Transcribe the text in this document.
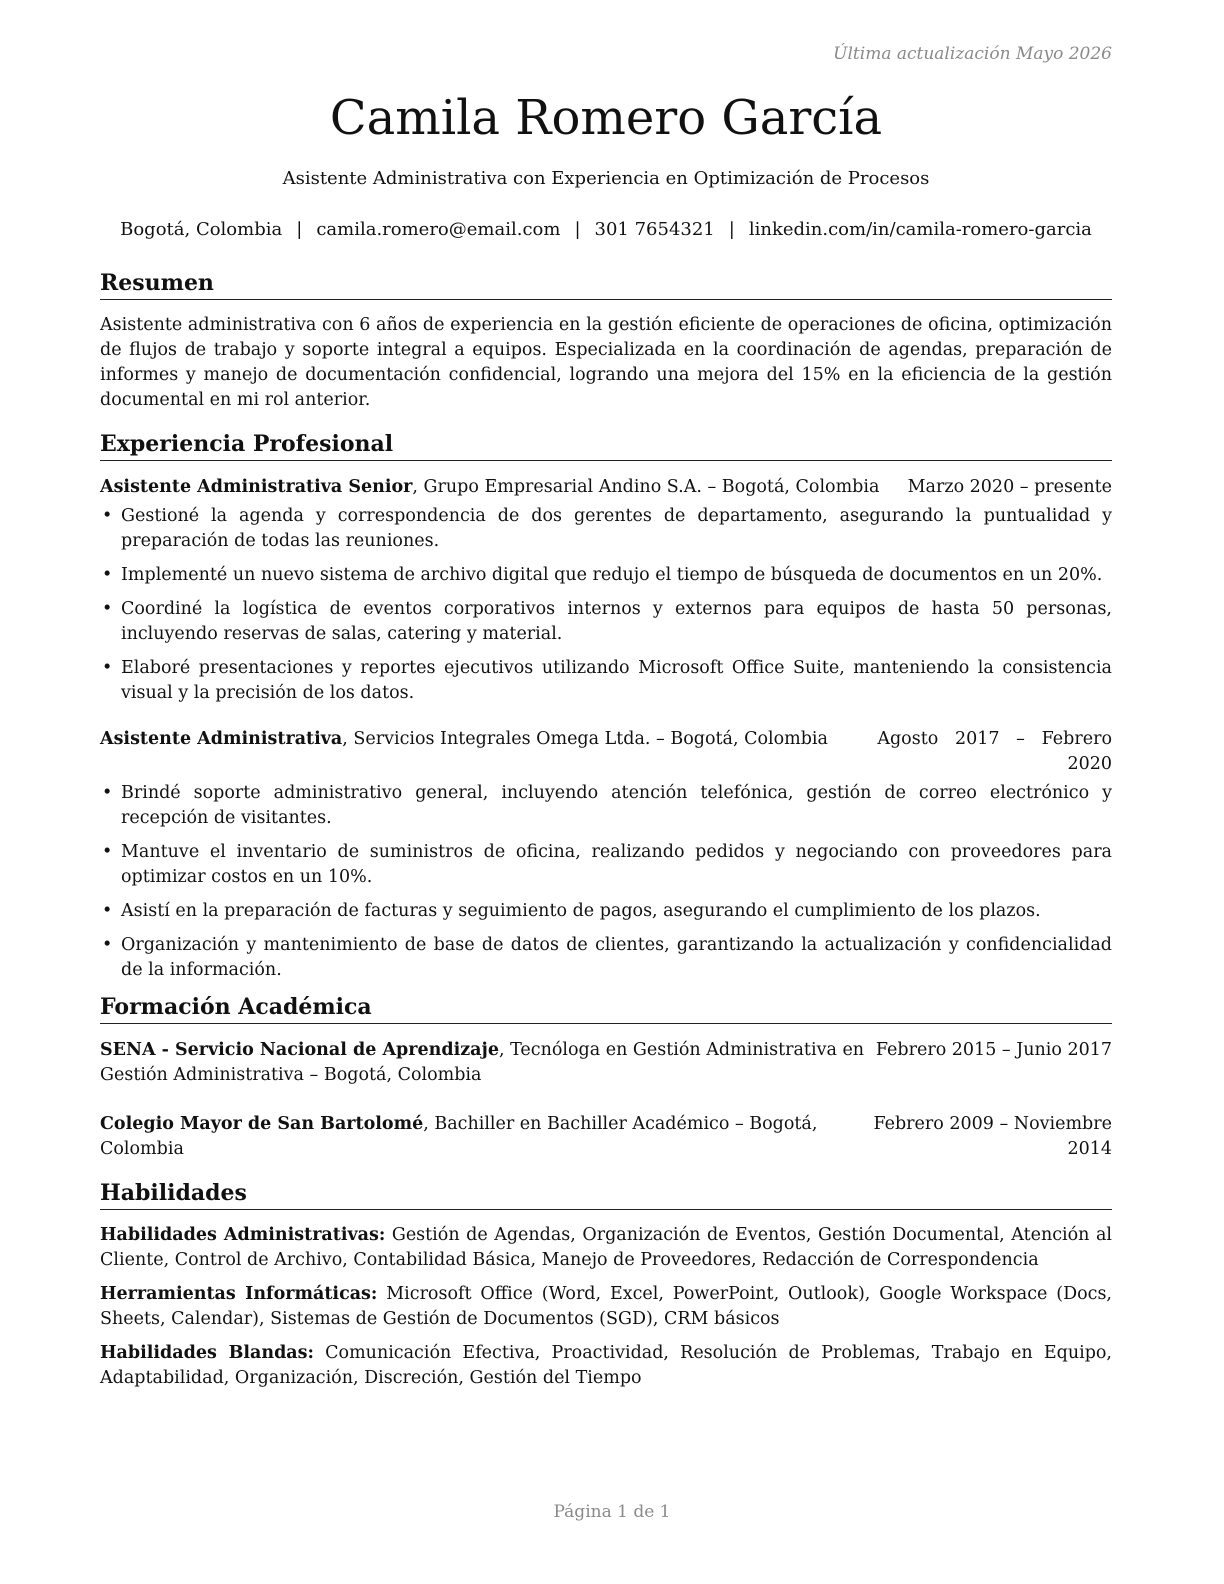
Última actualización Mayo 2026
Camila Romero García
Asistente Administrativa con Experiencia en Optimización de Procesos
Bogotá, Colombia | camila.romero@email.com | 301 7654321 | linkedin.com/in/camila-romero-garcia
Resumen
Asistente administrativa con 6 años de experiencia en la gestión eficiente de operaciones de oficina, optimización de flujos de trabajo y soporte integral a equipos. Especializada en la coordinación de agendas, preparación de informes y manejo de documentación confidencial, logrando una mejora del 15% en la eficiencia de la gestión documental en mi rol anterior.
Experiencia Profesional
Asistente Administrativa Senior, Grupo Empresarial Andino S.A. – Bogotá, Colombia Marzo 2020 – presente
• Gestioné la agenda y correspondencia de dos gerentes de departamento, asegurando la puntualidad y preparación de todas las reuniones.
• Implementé un nuevo sistema de archivo digital que redujo el tiempo de búsqueda de documentos en un 20%.
• Coordiné la logística de eventos corporativos internos y externos para equipos de hasta 50 personas, incluyendo reservas de salas, catering y material.
• Elaboré presentaciones y reportes ejecutivos utilizando Microsoft Office Suite, manteniendo la consistencia visual y la precisión de los datos.
Asistente Administrativa, Servicios Integrales Omega Ltda. – Bogotá, Colombia	Agosto   2017   –   Febrero
2020
• Brindé soporte administrativo general, incluyendo atención telefónica, gestión de correo electrónico y recepción de visitantes.
• Mantuve el inventario de suministros de oficina, realizando pedidos y negociando con proveedores para optimizar costos en un 10%.
• Asistí en la preparación de facturas y seguimiento de pagos, asegurando el cumplimiento de los plazos.
• Organización y mantenimiento de base de datos de clientes, garantizando la actualización y confidencialidad de la información.
Formación Académica
SENA - Servicio Nacional de Aprendizaje, Tecnóloga en Gestión Administrativa en Febrero 2015 – Junio 2017
Gestión Administrativa – Bogotá, Colombia
Colegio Mayor de San Bartolomé, Bachiller en Bachiller Académico – Bogotá, Colombia
Febrero 2009 – Noviembre
2014
Habilidades
Habilidades Administrativas: Gestión de Agendas, Organización de Eventos, Gestión Documental, Atención al Cliente, Control de Archivo, Contabilidad Básica, Manejo de Proveedores, Redacción de Correspondencia
Herramientas Informáticas: Microsoft Office (Word, Excel, PowerPoint, Outlook), Google Workspace (Docs, Sheets, Calendar), Sistemas de Gestión de Documentos (SGD), CRM básicos
Habilidades Blandas: Comunicación Efectiva, Proactividad, Resolución de Problemas, Trabajo en Equipo, Adaptabilidad, Organización, Discreción, Gestión del Tiempo
Página 1 de 1
